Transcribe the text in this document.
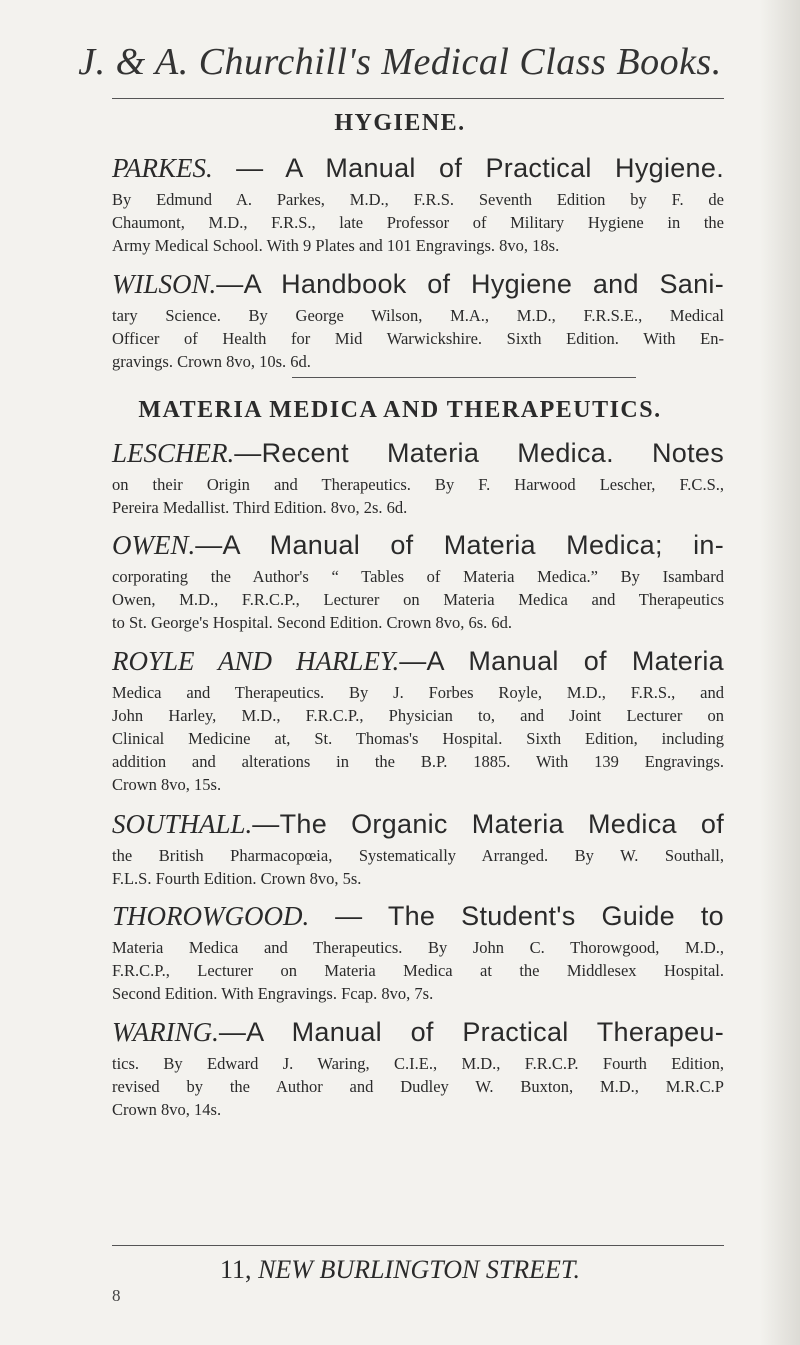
J. & A. Churchill's Medical Class Books.
HYGIENE.
PARKES. — A Manual of Practical Hygiene.
By Edmund A. Parkes, M.D., F.R.S. Seventh Edition by F. de
Chaumont, M.D., F.R.S., late Professor of Military Hygiene in the
Army Medical School. With 9 Plates and 101 Engravings. 8vo, 18s.
WILSON.—A Handbook of Hygiene and Sani-
tary Science. By George Wilson, M.A., M.D., F.R.S.E., Medical
Officer of Health for Mid Warwickshire. Sixth Edition. With En-
gravings. Crown 8vo, 10s. 6d.
MATERIA MEDICA AND THERAPEUTICS.
LESCHER.—Recent Materia Medica. Notes
on their Origin and Therapeutics. By F. Harwood Lescher, F.C.S.,
Pereira Medallist. Third Edition. 8vo, 2s. 6d.
OWEN.—A Manual of Materia Medica; in-
corporating the Author's “ Tables of Materia Medica.” By Isambard
Owen, M.D., F.R.C.P., Lecturer on Materia Medica and Therapeutics
to St. George's Hospital. Second Edition. Crown 8vo, 6s. 6d.
ROYLE AND HARLEY.—A Manual of Materia
Medica and Therapeutics. By J. Forbes Royle, M.D., F.R.S., and
John Harley, M.D., F.R.C.P., Physician to, and Joint Lecturer on
Clinical Medicine at, St. Thomas's Hospital. Sixth Edition, including
addition and alterations in the B.P. 1885. With 139 Engravings.
Crown 8vo, 15s.
SOUTHALL.—The Organic Materia Medica of
the British Pharmacopœia, Systematically Arranged. By W. Southall,
F.L.S. Fourth Edition. Crown 8vo, 5s.
THOROWGOOD. — The Student's Guide to
Materia Medica and Therapeutics. By John C. Thorowgood, M.D.,
F.R.C.P., Lecturer on Materia Medica at the Middlesex Hospital.
Second Edition. With Engravings. Fcap. 8vo, 7s.
WARING.—A Manual of Practical Therapeu-
tics. By Edward J. Waring, C.I.E., M.D., F.R.C.P. Fourth Edition,
revised by the Author and Dudley W. Buxton, M.D., M.R.C.P
Crown 8vo, 14s.
11, NEW BURLINGTON STREET.
8
